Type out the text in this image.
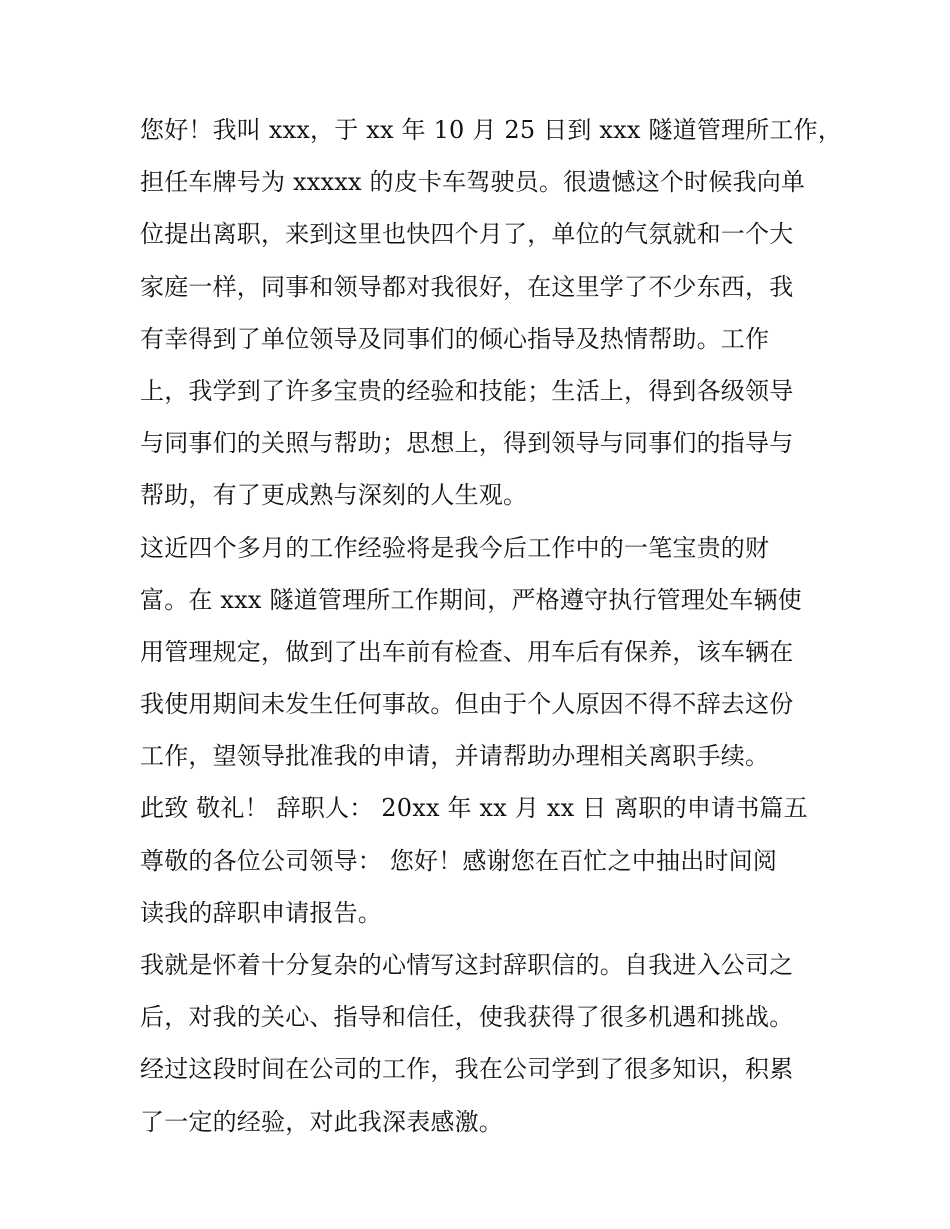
您好！我叫 xxx，于 xx 年 10 月 25 日到 xxx 隧道管理所工作，
担任车牌号为 xxxxx 的皮卡车驾驶员。很遗憾这个时候我向单
位提出离职，来到这里也快四个月了，单位的气氛就和一个大
家庭一样，同事和领导都对我很好，在这里学了不少东西，我
有幸得到了单位领导及同事们的倾心指导及热情帮助。工作
上，我学到了许多宝贵的经验和技能；生活上，得到各级领导
与同事们的关照与帮助；思想上，得到领导与同事们的指导与
帮助，有了更成熟与深刻的人生观。
这近四个多月的工作经验将是我今后工作中的一笔宝贵的财
富。在 xxx 隧道管理所工作期间，严格遵守执行管理处车辆使
用管理规定，做到了出车前有检查、用车后有保养，该车辆在
我使用期间未发生任何事故。但由于个人原因不得不辞去这份
工作，望领导批准我的申请，并请帮助办理相关离职手续。
此致 敬礼！ 辞职人： 20xx 年 xx 月 xx 日 离职的申请书篇五
尊敬的各位公司领导： 您好！感谢您在百忙之中抽出时间阅
读我的辞职申请报告。
我就是怀着十分复杂的心情写这封辞职信的。自我进入公司之
后，对我的关心、指导和信任，使我获得了很多机遇和挑战。
经过这段时间在公司的工作，我在公司学到了很多知识，积累
了一定的经验，对此我深表感激。
